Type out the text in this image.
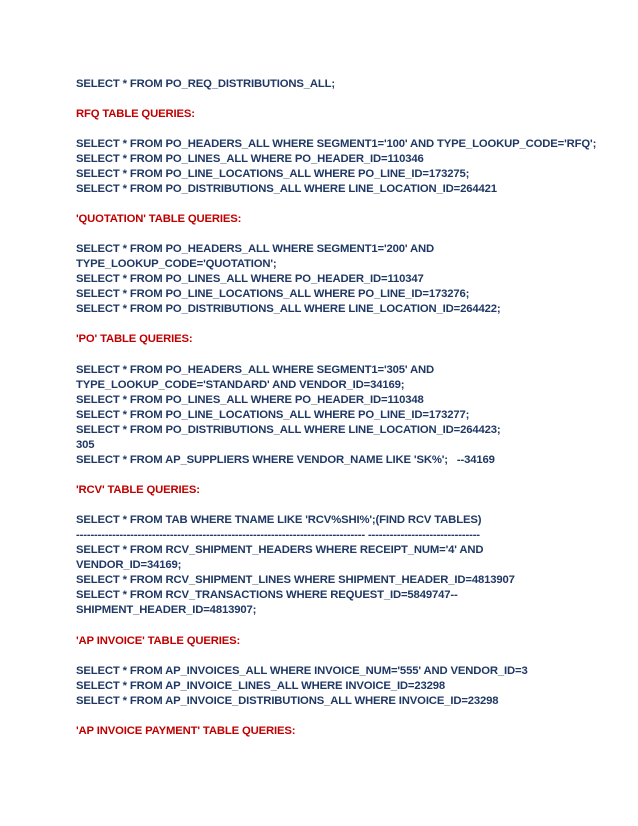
SELECT * FROM PO_REQ_DISTRIBUTIONS_ALL;
RFQ TABLE QUERIES:
SELECT * FROM PO_HEADERS_ALL WHERE SEGMENT1='100' AND TYPE_LOOKUP_CODE='RFQ';
SELECT * FROM PO_LINES_ALL WHERE PO_HEADER_ID=110346
SELECT * FROM PO_LINE_LOCATIONS_ALL WHERE PO_LINE_ID=173275;
SELECT * FROM PO_DISTRIBUTIONS_ALL WHERE LINE_LOCATION_ID=264421
'QUOTATION' TABLE QUERIES:
SELECT * FROM PO_HEADERS_ALL WHERE SEGMENT1='200' AND
TYPE_LOOKUP_CODE='QUOTATION';
SELECT * FROM PO_LINES_ALL WHERE PO_HEADER_ID=110347
SELECT * FROM PO_LINE_LOCATIONS_ALL WHERE PO_LINE_ID=173276;
SELECT * FROM PO_DISTRIBUTIONS_ALL WHERE LINE_LOCATION_ID=264422;
'PO' TABLE QUERIES:
SELECT * FROM PO_HEADERS_ALL WHERE SEGMENT1='305' AND
TYPE_LOOKUP_CODE='STANDARD' AND VENDOR_ID=34169;
SELECT * FROM PO_LINES_ALL WHERE PO_HEADER_ID=110348
SELECT * FROM PO_LINE_LOCATIONS_ALL WHERE PO_LINE_ID=173277;
SELECT * FROM PO_DISTRIBUTIONS_ALL WHERE LINE_LOCATION_ID=264423;
305
SELECT * FROM AP_SUPPLIERS WHERE VENDOR_NAME LIKE 'SK%';   --34169
'RCV' TABLE QUERIES:
SELECT * FROM TAB WHERE TNAME LIKE 'RCV%SHI%';(FIND RCV TABLES)
-------------------------------------------------------------------------------- -------------------------------
SELECT * FROM RCV_SHIPMENT_HEADERS WHERE RECEIPT_NUM='4' AND
VENDOR_ID=34169;
SELECT * FROM RCV_SHIPMENT_LINES WHERE SHIPMENT_HEADER_ID=4813907
SELECT * FROM RCV_TRANSACTIONS WHERE REQUEST_ID=5849747--
SHIPMENT_HEADER_ID=4813907;
'AP INVOICE' TABLE QUERIES:
SELECT * FROM AP_INVOICES_ALL WHERE INVOICE_NUM='555' AND VENDOR_ID=3
SELECT * FROM AP_INVOICE_LINES_ALL WHERE INVOICE_ID=23298
SELECT * FROM AP_INVOICE_DISTRIBUTIONS_ALL WHERE INVOICE_ID=23298
'AP INVOICE PAYMENT' TABLE QUERIES:
